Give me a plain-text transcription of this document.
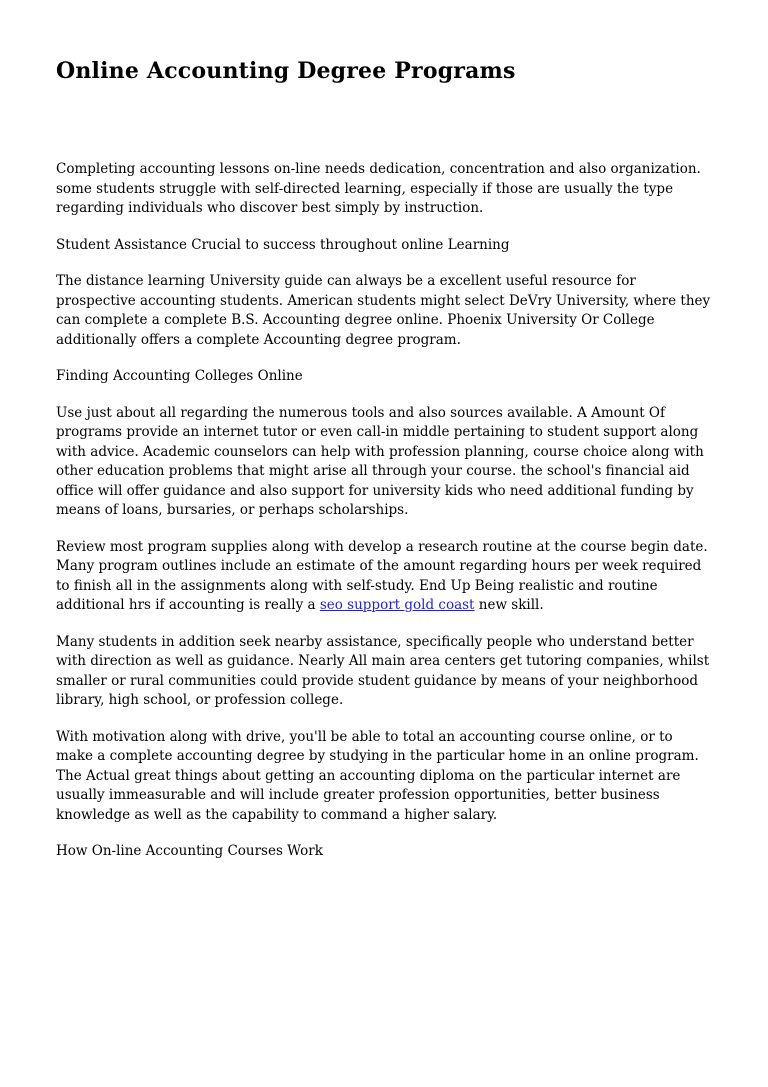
Online Accounting Degree Programs

Completing accounting lessons on-line needs dedication, concentration and also organization. some students struggle with self-directed learning, especially if those are usually the type regarding individuals who discover best simply by instruction.

Student Assistance Crucial to success throughout online Learning

The distance learning University guide can always be a excellent useful resource for prospective accounting students. American students might select DeVry University, where they can complete a complete B.S. Accounting degree online. Phoenix University Or College additionally offers a complete Accounting degree program.

Finding Accounting Colleges Online

Use just about all regarding the numerous tools and also sources available. A Amount Of programs provide an internet tutor or even call-in middle pertaining to student support along with advice. Academic counselors can help with profession planning, course choice along with other education problems that might arise all through your course. the school's financial aid office will offer guidance and also support for university kids who need additional funding by means of loans, bursaries, or perhaps scholarships.

Review most program supplies along with develop a research routine at the course begin date. Many program outlines include an estimate of the amount regarding hours per week required to finish all in the assignments along with self-study. End Up Being realistic and routine additional hrs if accounting is really a seo support gold coast new skill.

Many students in addition seek nearby assistance, specifically people who understand better with direction as well as guidance. Nearly All main area centers get tutoring companies, whilst smaller or rural communities could provide student guidance by means of your neighborhood library, high school, or profession college.

With motivation along with drive, you'll be able to total an accounting course online, or to make a complete accounting degree by studying in the particular home in an online program. The Actual great things about getting an accounting diploma on the particular internet are usually immeasurable and will include greater profession opportunities, better business knowledge as well as the capability to command a higher salary.

How On-line Accounting Courses Work
